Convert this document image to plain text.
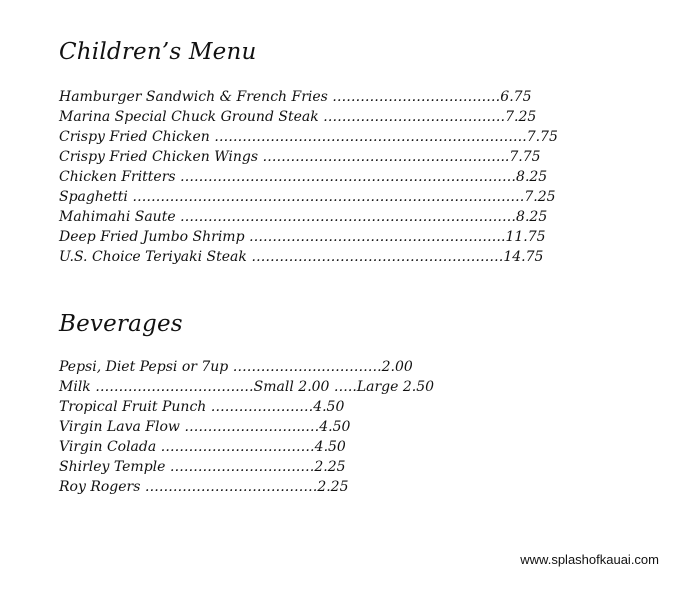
Children’s Menu
Hamburger Sandwich & French Fries ………………………………6.75
Marina Special Chuck Ground Steak …………………………………7.25
Crispy Fried Chicken ………………………………………………………….7.75
Crispy Fried Chicken Wings ……………………………………………..7.75
Chicken Fritters ………………………………………………………………8.25
Spaghetti …………………………………………………………………………7.25
Mahimahi Saute ………………………………………………………………8.25
Deep Fried Jumbo Shrimp ……………………………………………….11.75
U.S. Choice Teriyaki Steak ………………………………………………14.75
Beverages
Pepsi, Diet Pepsi or 7up ……………….………….2.00
Milk ………………………….…Small 2.00 …..Large 2.50
Tropical Fruit Punch ……………….…4.50
Virgin Lava Flow ……………………..…4.50
Virgin Colada ……………………………4.50
Shirley Temple ……………………….…2.25
Roy Rogers ………………………….……2.25
www.splashofkauai.com
